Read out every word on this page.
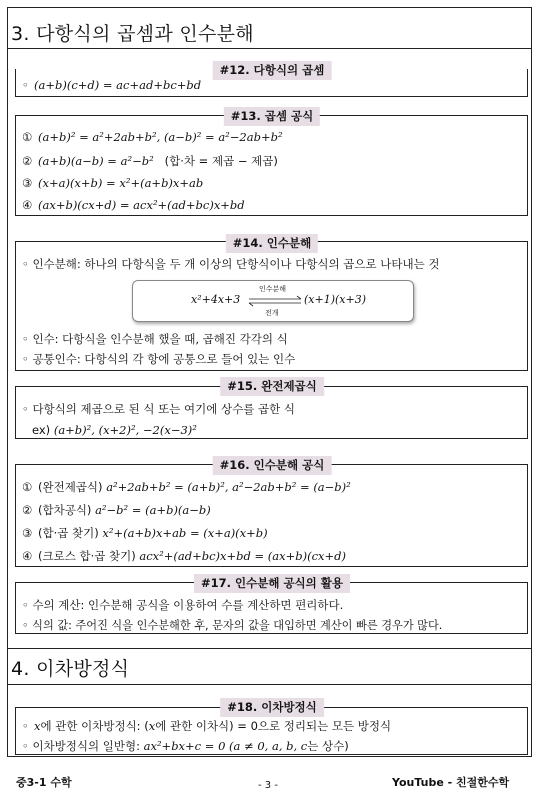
3. 다항식의 곱셈과 인수분해
◦ (a+b)(c+d) = ac+ad+bc+bd
#12. 다항식의 곱셈
① (a+b)² = a²+2ab+b², (a−b)² = a²−2ab+b²
② (a+b)(a−b) = a²−b² (합·차 = 제곱 − 제곱)
③ (x+a)(x+b) = x²+(a+b)x+ab
④ (ax+b)(cx+d) = acx²+(ad+bc)x+bd
#13. 곱셈 공식
◦ 인수분해: 하나의 다항식을 두 개 이상의 단항식이나 다항식의 곱으로 나타내는 것
x²+4x+3
인수분해
전개
(x+1)(x+3)
◦ 인수: 다항식을 인수분해 했을 때, 곱해진 각각의 식
◦ 공통인수: 다항식의 각 항에 공통으로 들어 있는 인수
#14. 인수분해
◦ 다항식의 제곱으로 된 식 또는 여기에 상수를 곱한 식
ex) (a+b)², (x+2)², −2(x−3)²
#15. 완전제곱식
① (완전제곱식) a²+2ab+b² = (a+b)², a²−2ab+b² = (a−b)²
② (합차공식) a²−b² = (a+b)(a−b)
③ (합·곱 찾기) x²+(a+b)x+ab = (x+a)(x+b)
④ (크로스 합·곱 찾기) acx²+(ad+bc)x+bd = (ax+b)(cx+d)
#16. 인수분해 공식
◦ 수의 계산: 인수분해 공식을 이용하여 수를 계산하면 편리하다.
◦ 식의 값: 주어진 식을 인수분해한 후, 문자의 값을 대입하면 계산이 빠른 경우가 많다.
#17. 인수분해 공식의 활용
4. 이차방정식
◦ x에 관한 이차방정식: (x에 관한 이차식) = 0으로 정리되는 모든 방정식
◦ 이차방정식의 일반형: ax²+bx+c = 0 (a ≠ 0, a, b, c는 상수)
#18. 이차방정식
중3-1 수학	- 3 -	YouTube - 친절한수학
